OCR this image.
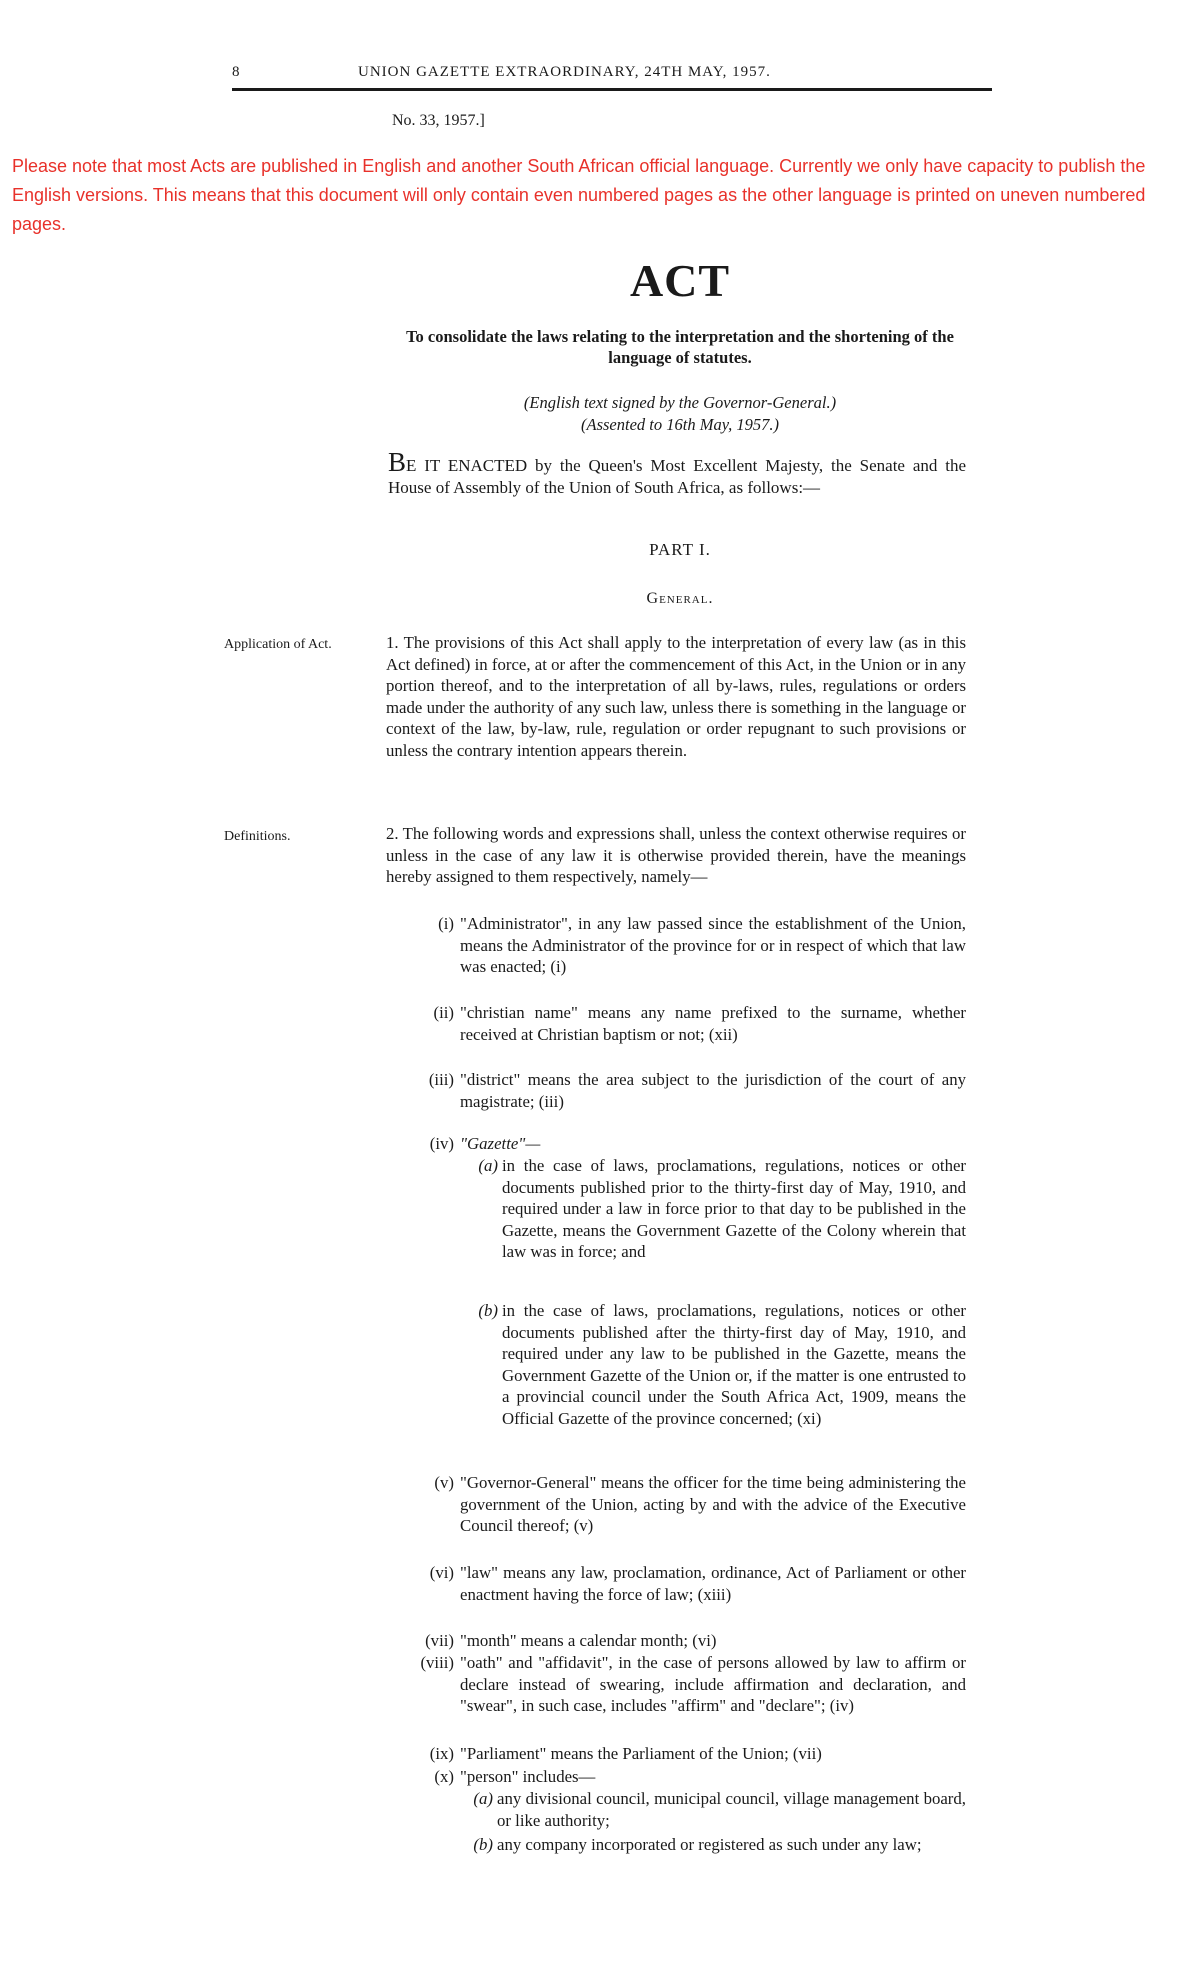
8	UNION GAZETTE EXTRAORDINARY, 24TH MAY, 1957.
No. 33, 1957.]
Please note that most Acts are published in English and another South African official language. Currently we only have capacity to publish the English versions. This means that this document will only contain even numbered pages as the other language is printed on uneven numbered pages.
ACT
To consolidate the laws relating to the interpretation and the shortening of the language of statutes.
(English text signed by the Governor-General.)
(Assented to 16th May, 1957.)
BE IT ENACTED by the Queen's Most Excellent Majesty, the Senate and the House of Assembly of the Union of South Africa, as follows:—
PART I.
General.
Application of Act.	1. The provisions of this Act shall apply to the interpretation of every law (as in this Act defined) in force, at or after the commencement of this Act, in the Union or in any portion thereof, and to the interpretation of all by-laws, rules, regulations or orders made under the authority of any such law, unless there is something in the language or context of the law, by-law, rule, regulation or order repugnant to such provisions or unless the contrary intention appears therein.
Definitions.	2. The following words and expressions shall, unless the context otherwise requires or unless in the case of any law it is otherwise provided therein, have the meanings hereby assigned to them respectively, namely—
(i) "Administrator", in any law passed since the establishment of the Union, means the Administrator of the province for or in respect of which that law was enacted; (i)
(ii) "christian name" means any name prefixed to the surname, whether received at Christian baptism or not; (xii)
(iii) "district" means the area subject to the jurisdiction of the court of any magistrate; (iii)
(iv) "Gazette"—
(a) in the case of laws, proclamations, regulations, notices or other documents published prior to the thirty-first day of May, 1910, and required under a law in force prior to that day to be published in the Gazette, means the Government Gazette of the Colony wherein that law was in force; and
(b) in the case of laws, proclamations, regulations, notices or other documents published after the thirty-first day of May, 1910, and required under any law to be published in the Gazette, means the Government Gazette of the Union or, if the matter is one entrusted to a provincial council under the South Africa Act, 1909, means the Official Gazette of the province concerned; (xi)
(v) "Governor-General" means the officer for the time being administering the government of the Union, acting by and with the advice of the Executive Council thereof; (v)
(vi) "law" means any law, proclamation, ordinance, Act of Parliament or other enactment having the force of law; (xiii)
(vii) "month" means a calendar month; (vi)
(viii) "oath" and "affidavit", in the case of persons allowed by law to affirm or declare instead of swearing, include affirmation and declaration, and "swear", in such case, includes "affirm" and "declare"; (iv)
(ix) "Parliament" means the Parliament of the Union; (vii)
(x) "person" includes—
(a) any divisional council, municipal council, village management board, or like authority;
(b) any company incorporated or registered as such under any law;
